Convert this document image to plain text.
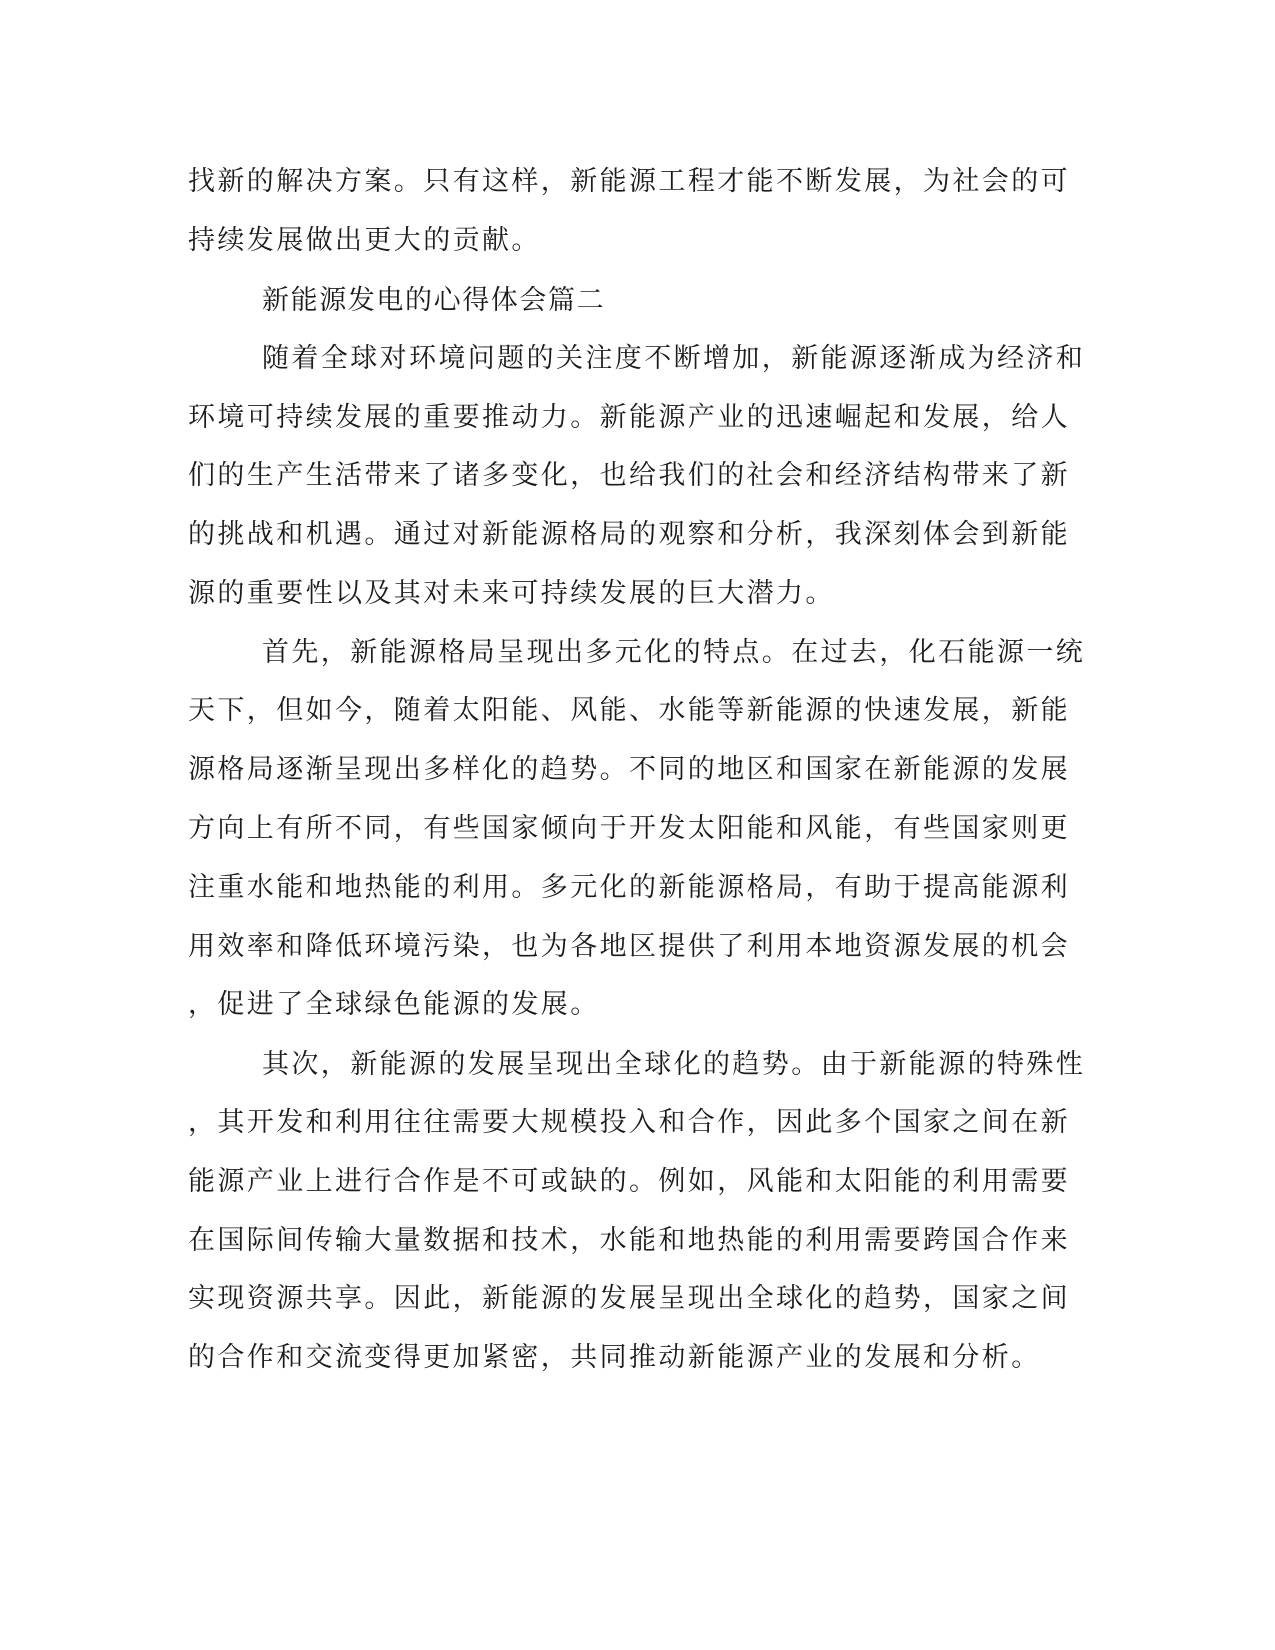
找新的解决方案。只有这样，新能源工程才能不断发展，为社会的可
持续发展做出更大的贡献。
新能源发电的心得体会篇二
随着全球对环境问题的关注度不断增加，新能源逐渐成为经济和
环境可持续发展的重要推动力。新能源产业的迅速崛起和发展，给人
们的生产生活带来了诸多变化，也给我们的社会和经济结构带来了新
的挑战和机遇。通过对新能源格局的观察和分析，我深刻体会到新能
源的重要性以及其对未来可持续发展的巨大潜力。
首先，新能源格局呈现出多元化的特点。在过去，化石能源一统
天下，但如今，随着太阳能、风能、水能等新能源的快速发展，新能
源格局逐渐呈现出多样化的趋势。不同的地区和国家在新能源的发展
方向上有所不同，有些国家倾向于开发太阳能和风能，有些国家则更
注重水能和地热能的利用。多元化的新能源格局，有助于提高能源利
用效率和降低环境污染，也为各地区提供了利用本地资源发展的机会
，促进了全球绿色能源的发展。
其次，新能源的发展呈现出全球化的趋势。由于新能源的特殊性
，其开发和利用往往需要大规模投入和合作，因此多个国家之间在新
能源产业上进行合作是不可或缺的。例如，风能和太阳能的利用需要
在国际间传输大量数据和技术，水能和地热能的利用需要跨国合作来
实现资源共享。因此，新能源的发展呈现出全球化的趋势，国家之间
的合作和交流变得更加紧密，共同推动新能源产业的发展和分析。
